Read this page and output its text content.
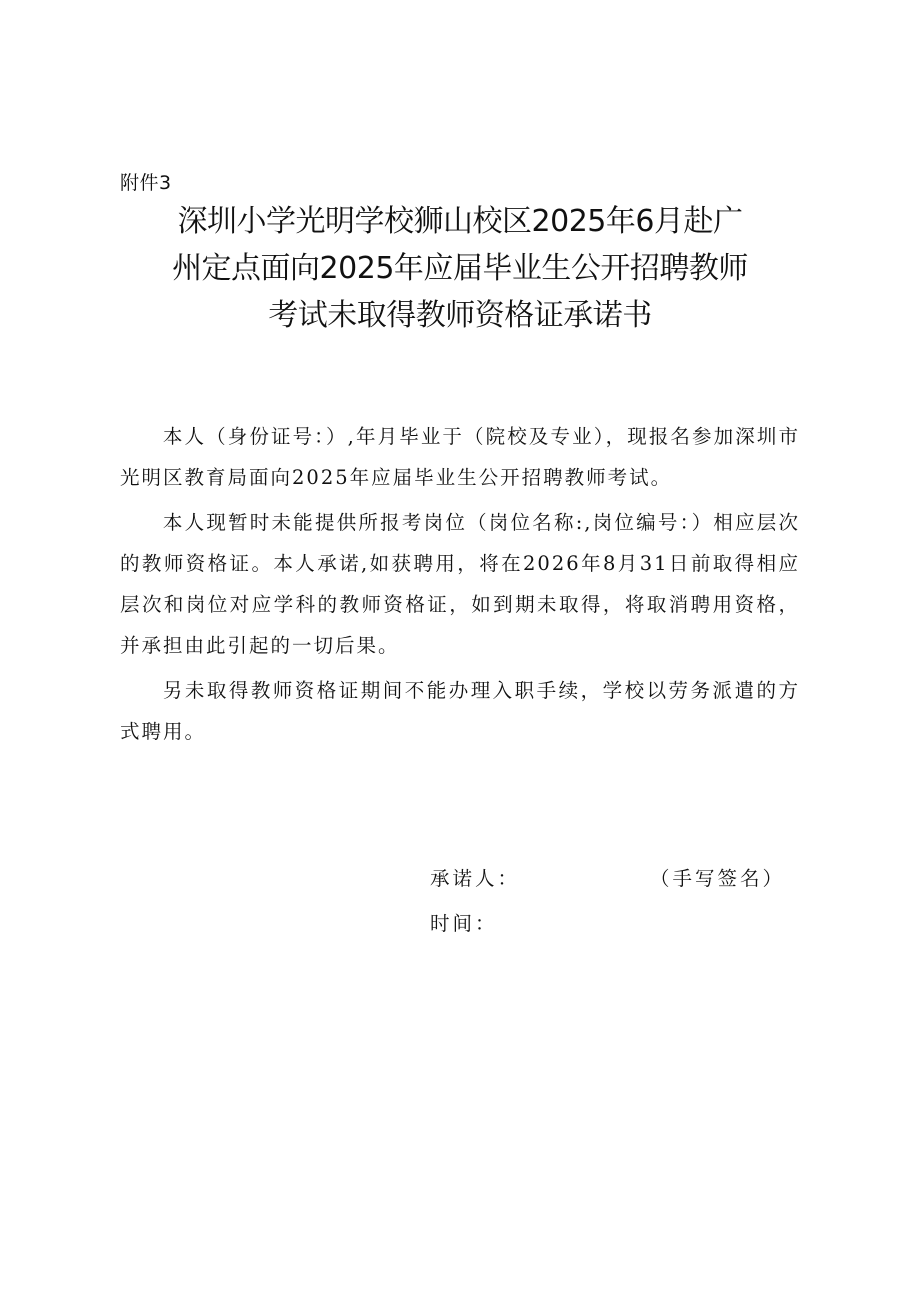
附件3
深圳小学光明学校狮山校区2025年6月赴广
州定点面向2025年应届毕业生公开招聘教师
考试未取得教师资格证承诺书

本人（身份证号：）,年月毕业于（院校及专业），现报名参加深圳市光明区教育局面向2025年应届毕业生公开招聘教师考试。

本人现暂时未能提供所报考岗位（岗位名称:,岗位编号：）相应层次的教师资格证。本人承诺,如获聘用，将在2026年8月31日前取得相应层次和岗位对应学科的教师资格证，如到期未取得，将取消聘用资格，并承担由此引起的一切后果。

另未取得教师资格证期间不能办理入职手续，学校以劳务派遣的方式聘用。

承诺人：	（手写签名）
时间：
